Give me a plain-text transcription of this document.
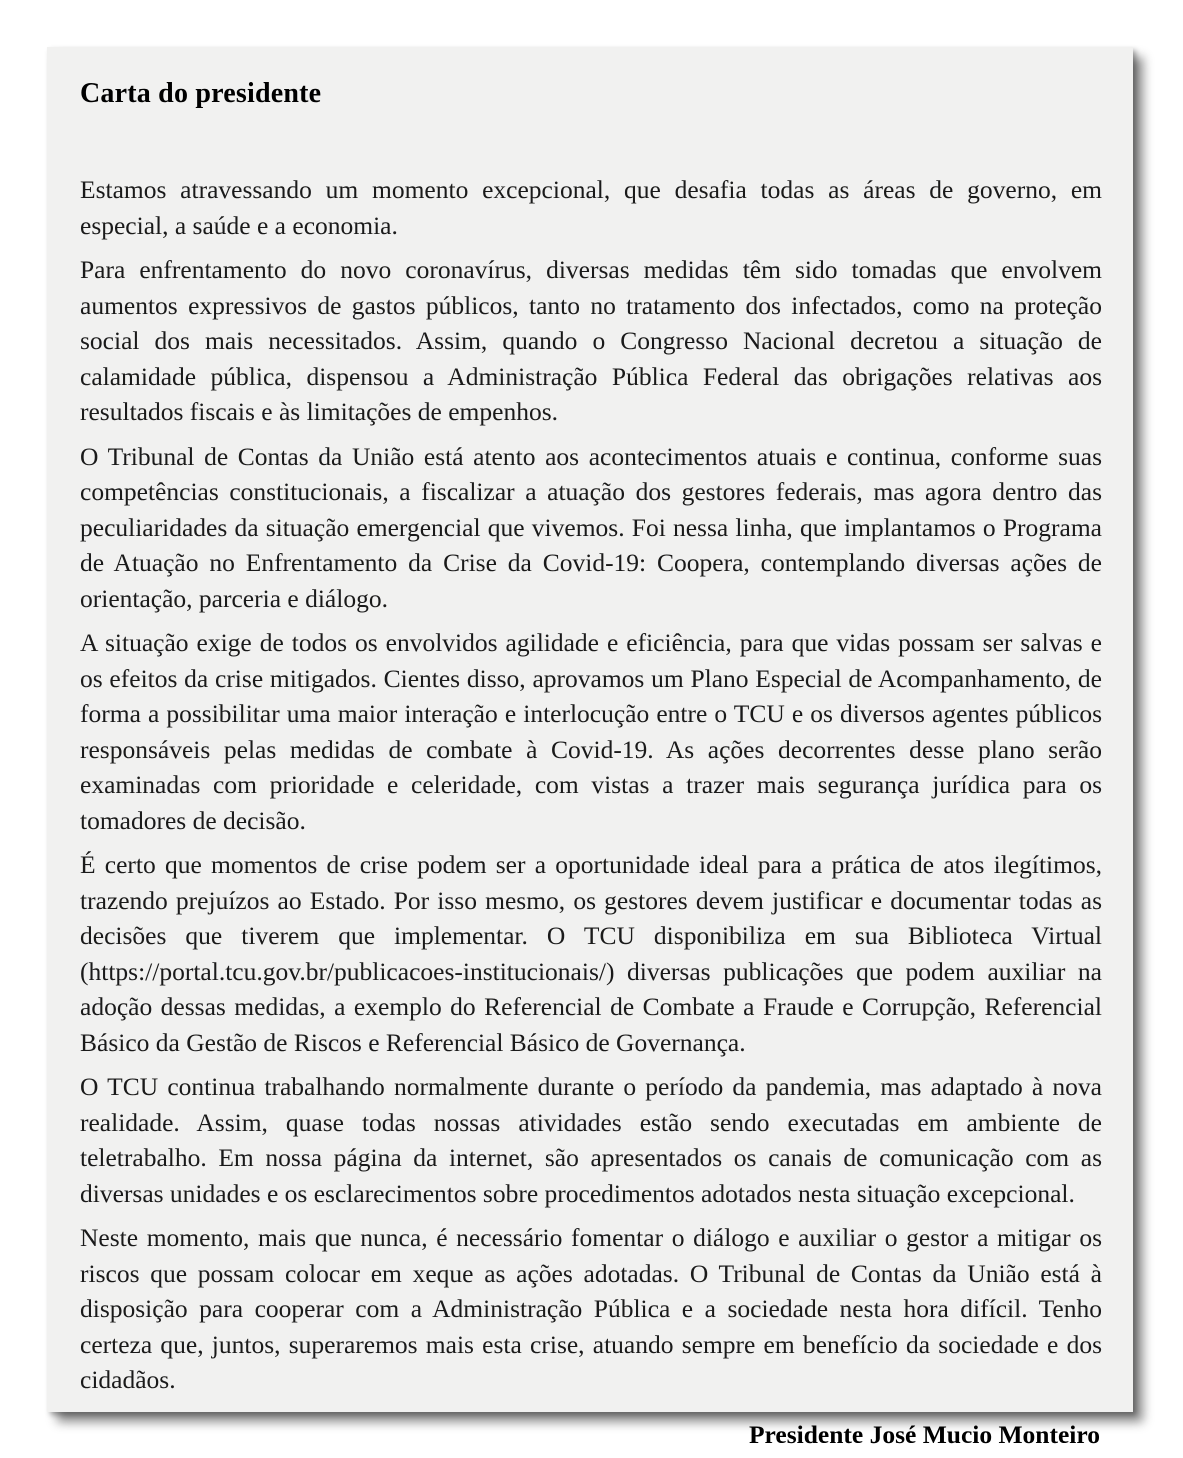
Carta do presidente

Estamos atravessando um momento excepcional, que desafia todas as áreas de governo, em especial, a saúde e a economia.

Para enfrentamento do novo coronavírus, diversas medidas têm sido tomadas que envolvem aumentos expressivos de gastos públicos, tanto no tratamento dos infectados, como na proteção social dos mais necessitados. Assim, quando o Congresso Nacional decretou a situação de calamidade pública, dispensou a Administração Pública Federal das obrigações relativas aos resultados fiscais e às limitações de empenhos.

O Tribunal de Contas da União está atento aos acontecimentos atuais e continua, conforme suas competências constitucionais, a fiscalizar a atuação dos gestores federais, mas agora dentro das peculiaridades da situação emergencial que vivemos. Foi nessa linha, que implantamos o Programa de Atuação no Enfrentamento da Crise da Covid-19: Coopera, contemplando diversas ações de orientação, parceria e diálogo.

A situação exige de todos os envolvidos agilidade e eficiência, para que vidas possam ser salvas e os efeitos da crise mitigados. Cientes disso, aprovamos um Plano Especial de Acompanhamento, de forma a possibilitar uma maior interação e interlocução entre o TCU e os diversos agentes públicos responsáveis pelas medidas de combate à Covid-19. As ações decorrentes desse plano serão examinadas com prioridade e celeridade, com vistas a trazer mais segurança jurídica para os tomadores de decisão.

É certo que momentos de crise podem ser a oportunidade ideal para a prática de atos ilegítimos, trazendo prejuízos ao Estado. Por isso mesmo, os gestores devem justificar e documentar todas as decisões que tiverem que implementar. O TCU disponibiliza em sua Biblioteca Virtual (https://portal.tcu.gov.br/publicacoes-institucionais/) diversas publicações que podem auxiliar na adoção dessas medidas, a exemplo do Referencial de Combate a Fraude e Corrupção, Referencial Básico da Gestão de Riscos e Referencial Básico de Governança.

O TCU continua trabalhando normalmente durante o período da pandemia, mas adaptado à nova realidade. Assim, quase todas nossas atividades estão sendo executadas em ambiente de teletrabalho. Em nossa página da internet, são apresentados os canais de comunicação com as diversas unidades e os esclarecimentos sobre procedimentos adotados nesta situação excepcional.

Neste momento, mais que nunca, é necessário fomentar o diálogo e auxiliar o gestor a mitigar os riscos que possam colocar em xeque as ações adotadas. O Tribunal de Contas da União está à disposição para cooperar com a Administração Pública e a sociedade nesta hora difícil. Tenho certeza que, juntos, superaremos mais esta crise, atuando sempre em benefício da sociedade e dos cidadãos.

Presidente José Mucio Monteiro
